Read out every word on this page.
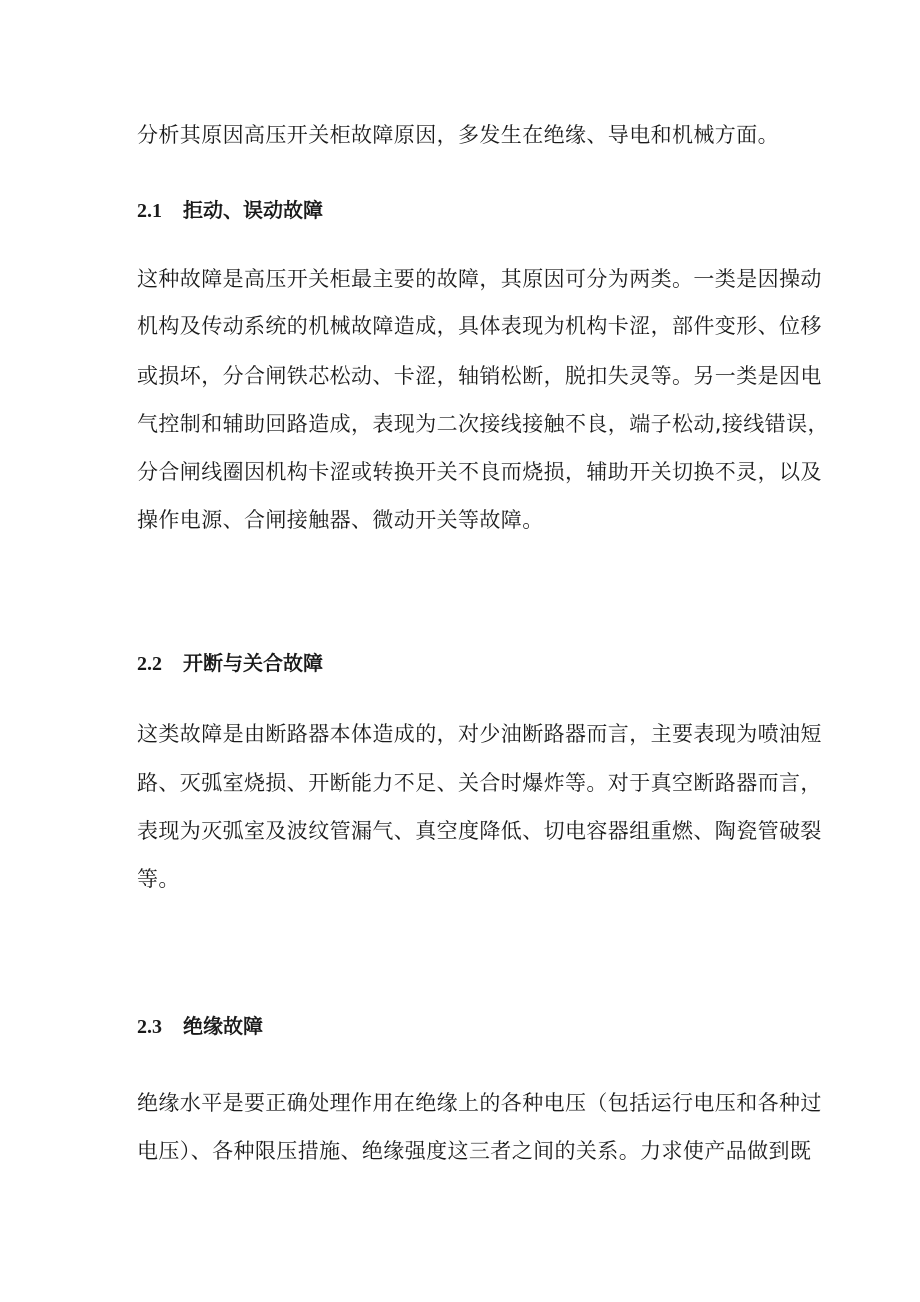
分析其原因高压开关柜故障原因，多发生在绝缘、导电和机械方面。
2.1 拒动、误动故障
这种故障是高压开关柜最主要的故障，其原因可分为两类。一类是因操动
机构及传动系统的机械故障造成，具体表现为机构卡涩，部件变形、位移
或损坏，分合闸铁芯松动、卡涩，轴销松断，脱扣失灵等。另一类是因电
气控制和辅助回路造成，表现为二次接线接触不良，端子松动,接线错误，
分合闸线圈因机构卡涩或转换开关不良而烧损，辅助开关切换不灵，以及
操作电源、合闸接触器、微动开关等故障。
2.2 开断与关合故障
这类故障是由断路器本体造成的，对少油断路器而言，主要表现为喷油短
路、灭弧室烧损、开断能力不足、关合时爆炸等。对于真空断路器而言，
表现为灭弧室及波纹管漏气、真空度降低、切电容器组重燃、陶瓷管破裂
等。
2.3 绝缘故障
绝缘水平是要正确处理作用在绝缘上的各种电压（包括运行电压和各种过
电压）、各种限压措施、绝缘强度这三者之间的关系。力求使产品做到既
